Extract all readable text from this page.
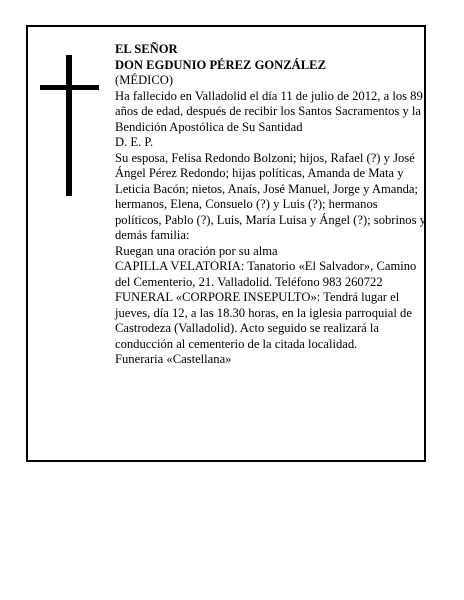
EL SEÑOR

DON EGDUNIO PÉREZ GONZÁLEZ

(MÉDICO)

Ha fallecido en Valladolid el día 11 de julio de 2012, a los 89 años de edad, después de recibir los Santos Sacramentos y la Bendición Apostólica de Su Santidad

D. E. P.

Su esposa, Felisa Redondo Bolzoni; hijos, Rafael (?) y José Ángel Pérez Redondo; hijas políticas, Amanda de Mata y Leticia Bacón; nietos, Anaís, José Manuel, Jorge y Amanda; hermanos, Elena, Consuelo (?) y Luis (?); hermanos políticos, Pablo (?), Luis, María Luisa y Ángel (?); sobrinos y demás familia:

Ruegan una oración por su alma

CAPILLA VELATORIA: Tanatorio «El Salvador», Camino del Cementerio, 21. Valladolid. Teléfono 983 260722

FUNERAL «CORPORE INSEPULTO»: Tendrá lugar el jueves, día 12, a las 18.30 horas, en la iglesia parroquial de Castrodeza (Valladolid). Acto seguido se realizará la conducción al cementerio de la citada localidad.

Funeraria «Castellana»
